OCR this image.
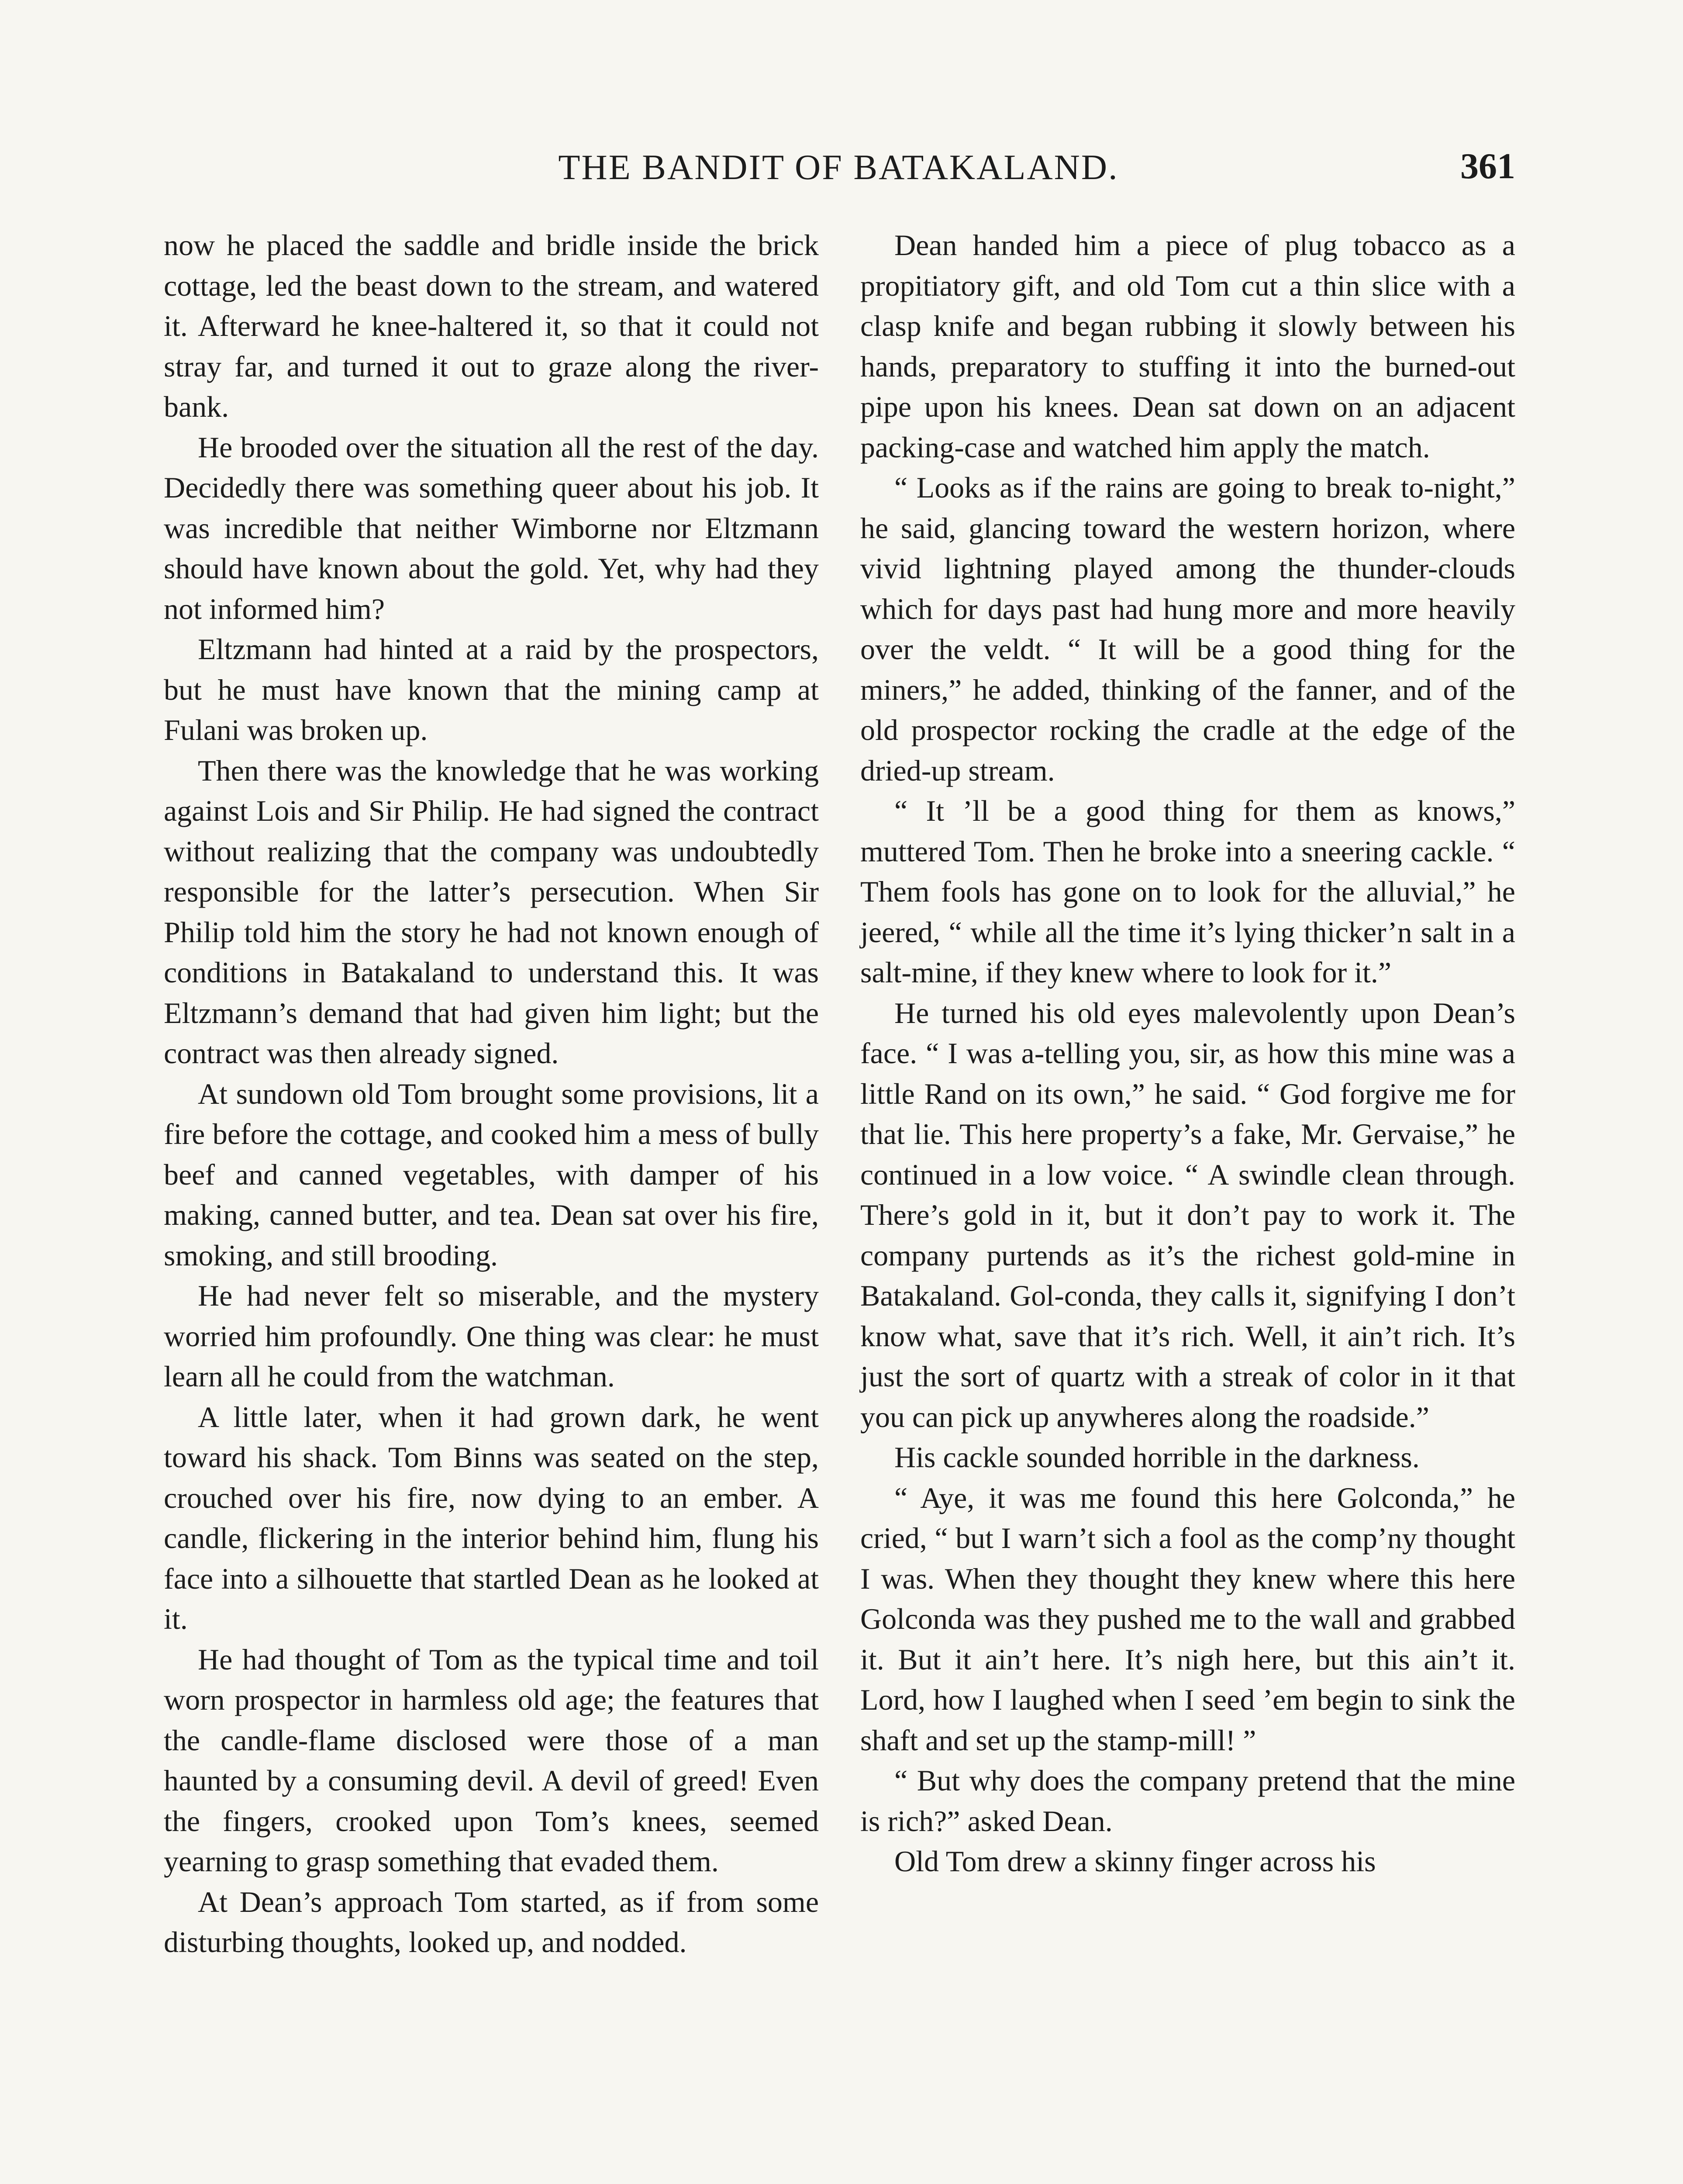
THE BANDIT OF BATAKALAND.	361

now he placed the saddle and bridle inside the brick cottage, led the beast down to the stream, and watered it. Afterward he knee-haltered it, so that it could not stray far, and turned it out to graze along the river-bank.

He brooded over the situation all the rest of the day. Decidedly there was something queer about his job. It was incredible that neither Wimborne nor Eltzmann should have known about the gold. Yet, why had they not informed him?

Eltzmann had hinted at a raid by the prospectors, but he must have known that the mining camp at Fulani was broken up.

Then there was the knowledge that he was working against Lois and Sir Philip. He had signed the contract without realizing that the company was undoubtedly responsible for the latter’s persecution. When Sir Philip told him the story he had not known enough of conditions in Batakaland to understand this. It was Eltzmann’s demand that had given him light; but the contract was then already signed.

At sundown old Tom brought some provisions, lit a fire before the cottage, and cooked him a mess of bully beef and canned vegetables, with damper of his making, canned butter, and tea. Dean sat over his fire, smoking, and still brooding.

He had never felt so miserable, and the mystery worried him profoundly. One thing was clear: he must learn all he could from the watchman.

A little later, when it had grown dark, he went toward his shack. Tom Binns was seated on the step, crouched over his fire, now dying to an ember. A candle, flickering in the interior behind him, flung his face into a silhouette that startled Dean as he looked at it.

He had thought of Tom as the typical time and toil worn prospector in harmless old age; the features that the candle-flame disclosed were those of a man haunted by a consuming devil. A devil of greed! Even the fingers, crooked upon Tom’s knees, seemed yearning to grasp something that evaded them.

At Dean’s approach Tom started, as if from some disturbing thoughts, looked up, and nodded.

Dean handed him a piece of plug tobacco as a propitiatory gift, and old Tom cut a thin slice with a clasp knife and began rubbing it slowly between his hands, preparatory to stuffing it into the burned-out pipe upon his knees. Dean sat down on an adjacent packing-case and watched him apply the match.

“ Looks as if the rains are going to break to-night,” he said, glancing toward the western horizon, where vivid lightning played among the thunder-clouds which for days past had hung more and more heavily over the veldt. “ It will be a good thing for the miners,” he added, thinking of the fanner, and of the old prospector rocking the cradle at the edge of the dried-up stream.

“ It ’ll be a good thing for them as knows,” muttered Tom. Then he broke into a sneering cackle. “ Them fools has gone on to look for the alluvial,” he jeered, “ while all the time it’s lying thicker’n salt in a salt-mine, if they knew where to look for it.”

He turned his old eyes malevolently upon Dean’s face. “ I was a-telling you, sir, as how this mine was a little Rand on its own,” he said. “ God forgive me for that lie. This here property’s a fake, Mr. Gervaise,” he continued in a low voice. “ A swindle clean through. There’s gold in it, but it don’t pay to work it. The company purtends as it’s the richest gold-mine in Batakaland. Gol-conda, they calls it, signifying I don’t know what, save that it’s rich. Well, it ain’t rich. It’s just the sort of quartz with a streak of color in it that you can pick up anywheres along the roadside.”

His cackle sounded horrible in the darkness.

“ Aye, it was me found this here Golconda,” he cried, “ but I warn’t sich a fool as the comp’ny thought I was. When they thought they knew where this here Golconda was they pushed me to the wall and grabbed it. But it ain’t here. It’s nigh here, but this ain’t it. Lord, how I laughed when I seed ’em begin to sink the shaft and set up the stamp-mill! ”

“ But why does the company pretend that the mine is rich?” asked Dean.

Old Tom drew a skinny finger across his
